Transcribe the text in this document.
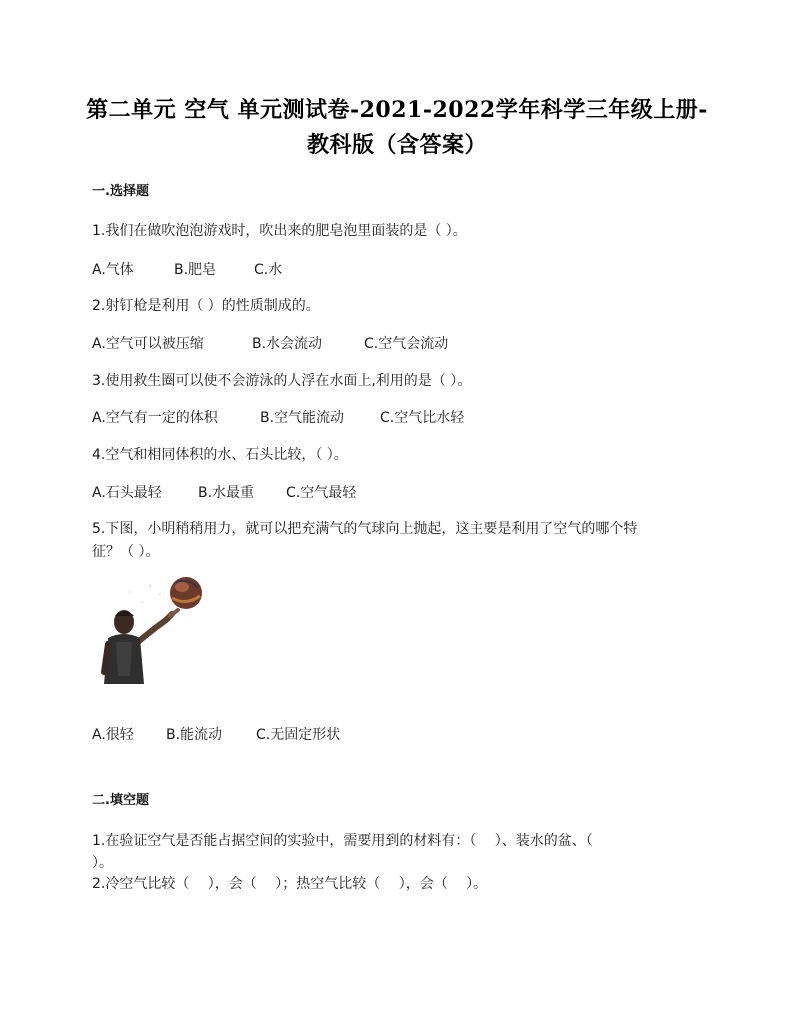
第二单元 空气 单元测试卷-2021-2022学年科学三年级上册-
教科版（含答案）
一.选择题
1.我们在做吹泡泡游戏时，吹出来的肥皂泡里面装的是（ ）。
A.气体	B.肥皂	C.水
2.射钉枪是利用（ ）的性质制成的。
A.空气可以被压缩	B.水会流动	C.空气会流动
3.使用救生圈可以使不会游泳的人浮在水面上,利用的是（ ）。
A.空气有一定的体积	B.空气能流动	C.空气比水轻
4.空气和相同体积的水、石头比较，（ ）。
A.石头最轻	B.水最重 C.空气最轻
5.下图，小明稍稍用力，就可以把充满气的气球向上抛起，这主要是利用了空气的哪个特
征？（ ）。
A.很轻 B.能流动 C.无固定形状
二.填空题
1.在验证空气是否能占据空间的实验中，需要用到的材料有：（　 ）、装水的盆、（
）。
2.冷空气比较（　 ），会（　 ）；热空气比较（　 ），会（　 ）。
